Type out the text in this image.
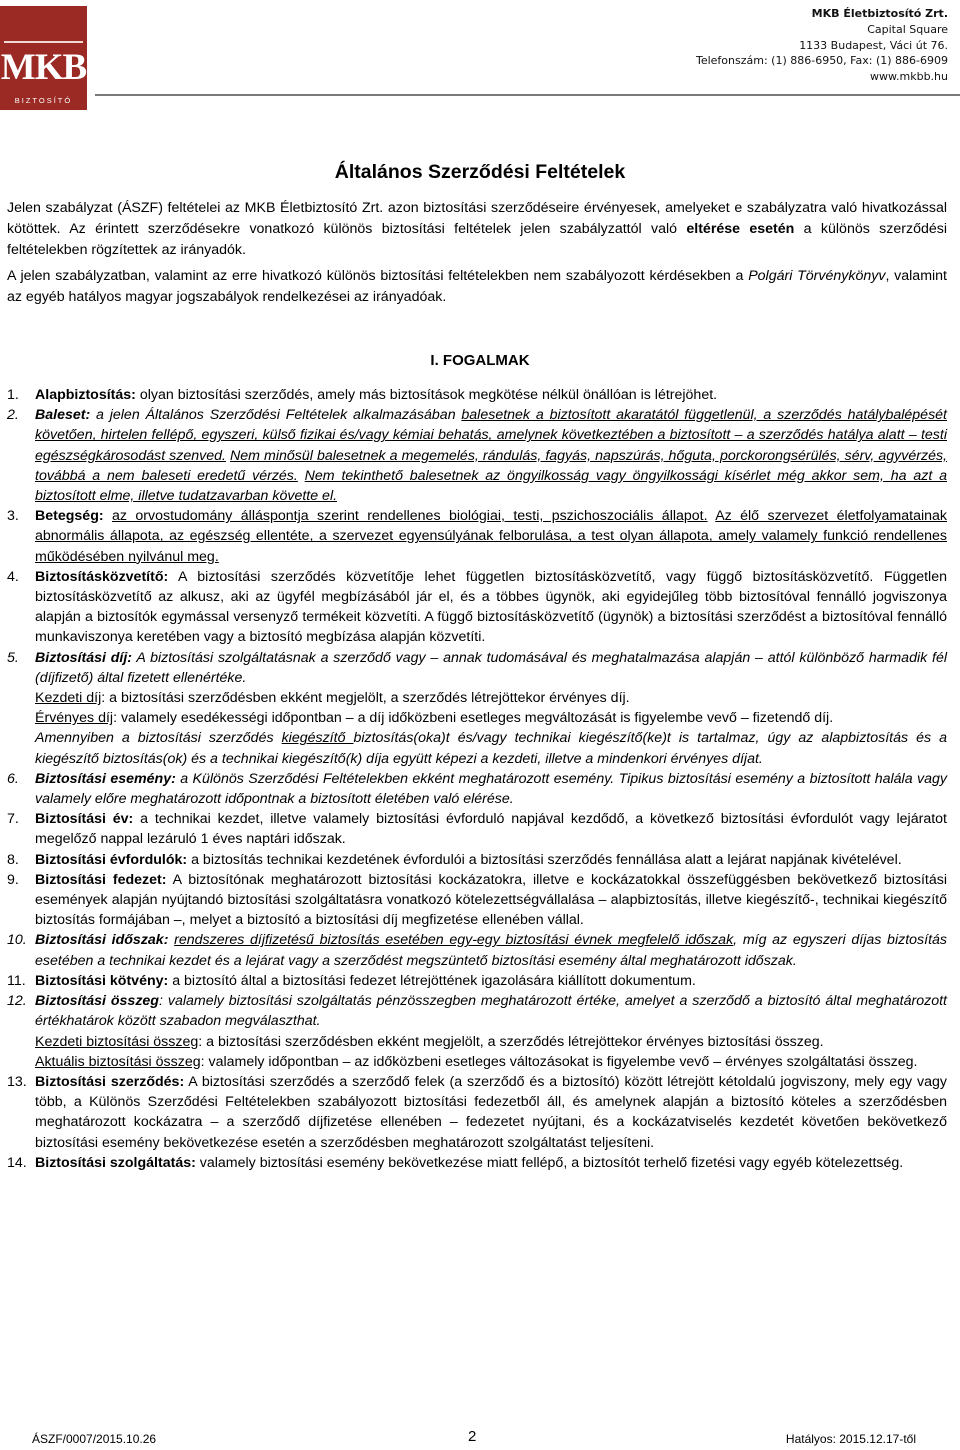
MKB
BIZTOSÍTÓ
MKB Életbiztosító Zrt.
Capital Square
1133 Budapest, Váci út 76.
Telefonszám: (1) 886-6950, Fax: (1) 886-6909
www.mkbb.hu
Általános Szerződési Feltételek
Jelen szabályzat (ÁSZF) feltételei az MKB Életbiztosító Zrt. azon biztosítási szerződéseire érvényesek, amelyeket e szabályzatra való hivatkozással kötöttek. Az érintett szerződésekre vonatkozó különös biztosítási feltételek jelen szabályzattól való eltérése esetén a különös szerződési feltételekben rögzítettek az irányadók.
A jelen szabályzatban, valamint az erre hivatkozó különös biztosítási feltételekben nem szabályozott kérdésekben a Polgári Törvénykönyv, valamint az egyéb hatályos magyar jogszabályok rendelkezései az irányadóak.
I. FOGALMAK
1. Alapbiztosítás: olyan biztosítási szerződés, amely más biztosítások megkötése nélkül önállóan is létrejöhet.

2. Baleset: a jelen Általános Szerződési Feltételek alkalmazásában balesetnek a biztosított akaratától függetlenül, a szerződés hatálybalépését követően, hirtelen fellépő, egyszeri, külső fizikai és/vagy kémiai behatás, amelynek következtében a biztosított – a szerződés hatálya alatt – testi egészségkárosodást szenved. Nem minősül balesetnek a megemelés, rándulás, fagyás, napszúrás, hőguta, porckorongsérülés, sérv, agyvérzés, továbbá a nem baleseti eredetű vérzés. Nem tekinthető balesetnek az öngyilkosság vagy öngyilkossági kísérlet még akkor sem, ha azt a biztosított elme, illetve tudatzavarban követte el.

3. Betegség: az orvostudomány álláspontja szerint rendellenes biológiai, testi, pszichoszociális állapot. Az élő szervezet életfolyamatainak abnormális állapota, az egészség ellentéte, a szervezet egyensúlyának felborulása, a test olyan állapota, amely valamely funkció rendellenes működésében nyilvánul meg.

4. Biztosításközvetítő: A biztosítási szerződés közvetítője lehet független biztosításközvetítő, vagy függő biztosításközvetítő. Független biztosításközvetítő az alkusz, aki az ügyfél megbízásából jár el, és a többes ügynök, aki egyidejűleg több biztosítóval fennálló jogviszonya alapján a biztosítók egymással versenyző termékeit közvetíti. A függő biztosításközvetítő (ügynök) a biztosítási szerződést a biztosítóval fennálló munkaviszonya keretében vagy a biztosító megbízása alapján közvetíti.

5. Biztosítási díj: A biztosítási szolgáltatásnak a szerződő vagy – annak tudomásával és meghatalmazása alapján – attól különböző harmadik fél (díjfizető) által fizetett ellenértéke.

Kezdeti díj: a biztosítási szerződésben ekként megjelölt, a szerződés létrejöttekor érvényes díj.

Érvényes díj: valamely esedékességi időpontban – a díj időközbeni esetleges megváltozását is figyelembe vevő – fizetendő díj.

Amennyiben a biztosítási szerződés kiegészítő biztosítás(oka)t és/vagy technikai kiegészítő(ke)t is tartalmaz, úgy az alapbiztosítás és a kiegészítő biztosítás(ok) és a technikai kiegészítő(k) díja együtt képezi a kezdeti, illetve a mindenkori érvényes díjat.

6. Biztosítási esemény: a Különös Szerződési Feltételekben ekként meghatározott esemény. Tipikus biztosítási esemény a biztosított halála vagy valamely előre meghatározott időpontnak a biztosított életében való elérése.

7. Biztosítási év: a technikai kezdet, illetve valamely biztosítási évforduló napjával kezdődő, a következő biztosítási évfordulót vagy lejáratot megelőző nappal lezáruló 1 éves naptári időszak.

8. Biztosítási évfordulók: a biztosítás technikai kezdetének évfordulói a biztosítási szerződés fennállása alatt a lejárat napjának kivételével.

9. Biztosítási fedezet: A biztosítónak meghatározott biztosítási kockázatokra, illetve e kockázatokkal összefüggésben bekövetkező biztosítási események alapján nyújtandó biztosítási szolgáltatásra vonatkozó kötelezettségvállalása – alapbiztosítás, illetve kiegészítő-, technikai kiegészítő biztosítás formájában –, melyet a biztosító a biztosítási díj megfizetése ellenében vállal.

10. Biztosítási időszak: rendszeres díjfizetésű biztosítás esetében egy-egy biztosítási évnek megfelelő időszak, míg az egyszeri díjas biztosítás esetében a technikai kezdet és a lejárat vagy a szerződést megszüntető biztosítási esemény által meghatározott időszak.

11. Biztosítási kötvény: a biztosító által a biztosítási fedezet létrejöttének igazolására kiállított dokumentum.

12. Biztosítási összeg: valamely biztosítási szolgáltatás pénzösszegben meghatározott értéke, amelyet a szerződő a biztosító által meghatározott értékhatárok között szabadon megválaszthat.

Kezdeti biztosítási összeg: a biztosítási szerződésben ekként megjelölt, a szerződés létrejöttekor érvényes biztosítási összeg.

Aktuális biztosítási összeg: valamely időpontban – az időközbeni esetleges változásokat is figyelembe vevő – érvényes szolgáltatási összeg.

13. Biztosítási szerződés: A biztosítási szerződés a szerződő felek (a szerződő és a biztosító) között létrejött kétoldalú jogviszony, mely egy vagy több, a Különös Szerződési Feltételekben szabályozott biztosítási fedezetből áll, és amelynek alapján a biztosító köteles a szerződésben meghatározott kockázatra – a szerződő díjfizetése ellenében – fedezetet nyújtani, és a kockázatviselés kezdetét követően bekövetkező biztosítási esemény bekövetkezése esetén a szerződésben meghatározott szolgáltatást teljesíteni.

14. Biztosítási szolgáltatás: valamely biztosítási esemény bekövetkezése miatt fellépő, a biztosítót terhelő fizetési vagy egyéb kötelezettség.

ÁSZF/0007/2015.10.26	2	Hatályos: 2015.12.17-től
